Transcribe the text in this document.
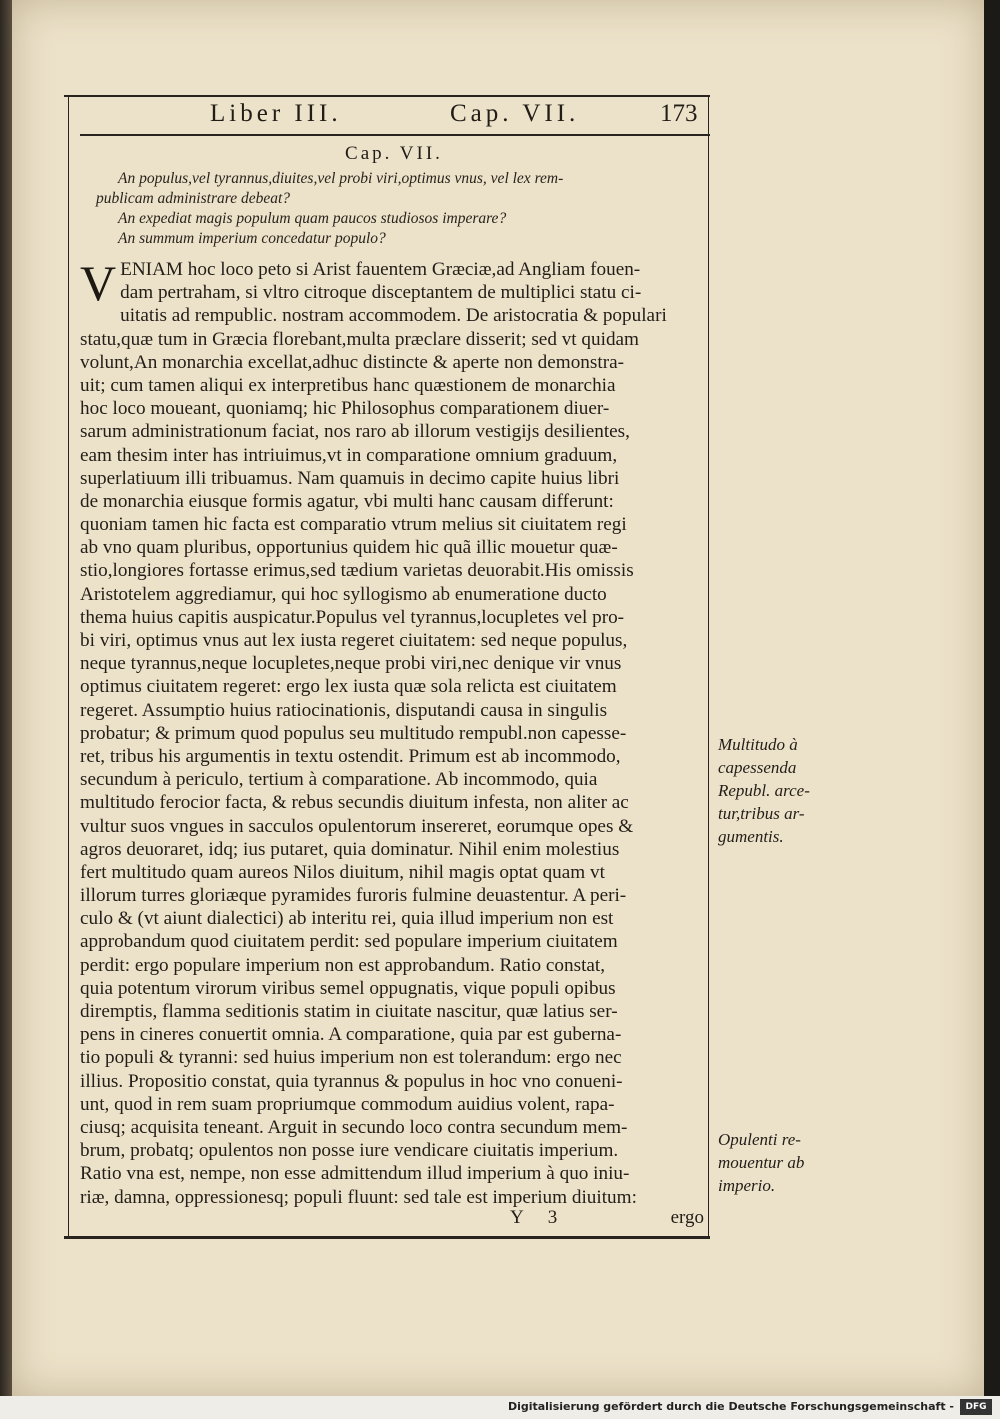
Liber III.	Cap. VII.	173
Cap. VII.
An populus,vel tyrannus,diuites,vel probi viri,optimus vnus, vel lex rem-
publicam administrare debeat?
An expediat magis populum quam paucos studiosos imperare?
An summum imperium concedatur populo?
V ENIAM hoc loco peto si Arist fauentem Græciæ,ad Angliam fouen-
dam pertraham, si vltro citroque disceptantem de multiplici statu ci-
uitatis ad rempublic. nostram accommodem. De aristocratia & populari
statu,quæ tum in Græcia florebant,multa præclare disserit; sed vt quidam
volunt,An monarchia excellat,adhuc distincte & aperte non demonstra-
uit; cum tamen aliqui ex interpretibus hanc quæstionem de monarchia
hoc loco moueant, quoniamq; hic Philosophus comparationem diuer-
sarum administrationum faciat, nos raro ab illorum vestigijs desilientes,
eam thesim inter has intriuimus,vt in comparatione omnium graduum,
superlatiuum illi tribuamus. Nam quamuis in decimo capite huius libri
de monarchia eiusque formis agatur, vbi multi hanc causam differunt:
quoniam tamen hic facta est comparatio vtrum melius sit ciuitatem regi
ab vno quam pluribus, opportunius quidem hic quã illic mouetur quæ-
stio,longiores fortasse erimus,sed tædium varietas deuorabit.His omissis
Aristotelem aggrediamur, qui hoc syllogismo ab enumeratione ducto
thema huius capitis auspicatur.Populus vel tyrannus,locupletes vel pro-
bi viri, optimus vnus aut lex iusta regeret ciuitatem: sed neque populus,
neque tyrannus,neque locupletes,neque probi viri,nec denique vir vnus
optimus ciuitatem regeret: ergo lex iusta quæ sola relicta est ciuitatem
regeret. Assumptio huius ratiocinationis, disputandi causa in singulis
probatur; & primum quod populus seu multitudo rempubl.non capesse-
ret, tribus his argumentis in textu ostendit. Primum est ab incommodo,
secundum à periculo, tertium à comparatione. Ab incommodo, quia
multitudo ferocior facta, & rebus secundis diuitum infesta, non aliter ac
vultur suos vngues in sacculos opulentorum insereret, eorumque opes &
agros deuoraret, idq; ius putaret, quia dominatur. Nihil enim molestius
fert multitudo quam aureos Nilos diuitum, nihil magis optat quam vt
illorum turres gloriæque pyramides furoris fulmine deuastentur. A peri-
culo & (vt aiunt dialectici) ab interitu rei, quia illud imperium non est
approbandum quod ciuitatem perdit: sed populare imperium ciuitatem
perdit: ergo populare imperium non est approbandum. Ratio constat,
quia potentum virorum viribus semel oppugnatis, vique populi opibus
diremptis, flamma seditionis statim in ciuitate nascitur, quæ latius ser-
pens in cineres conuertit omnia. A comparatione, quia par est guberna-
tio populi & tyranni: sed huius imperium non est tolerandum: ergo nec
illius. Propositio constat, quia tyrannus & populus in hoc vno conueni-
unt, quod in rem suam propriumque commodum auidius volent, rapa-
ciusq; acquisita teneant. Arguit in secundo loco contra secundum mem-
brum, probatq; opulentos non posse iure vendicare ciuitatis imperium.
Ratio vna est, nempe, non esse admittendum illud imperium à quo iniu-
riæ, damna, oppressionesq; populi fluunt: sed tale est imperium diuitum:
Y 3	ergo
Multitudo à
capessenda
Republ. arce-
tur,tribus ar-
gumentis.
Opulenti re-
mouentur ab
imperio.
Digitalisierung gefördert durch die Deutsche Forschungsgemeinschaft -	DFG
